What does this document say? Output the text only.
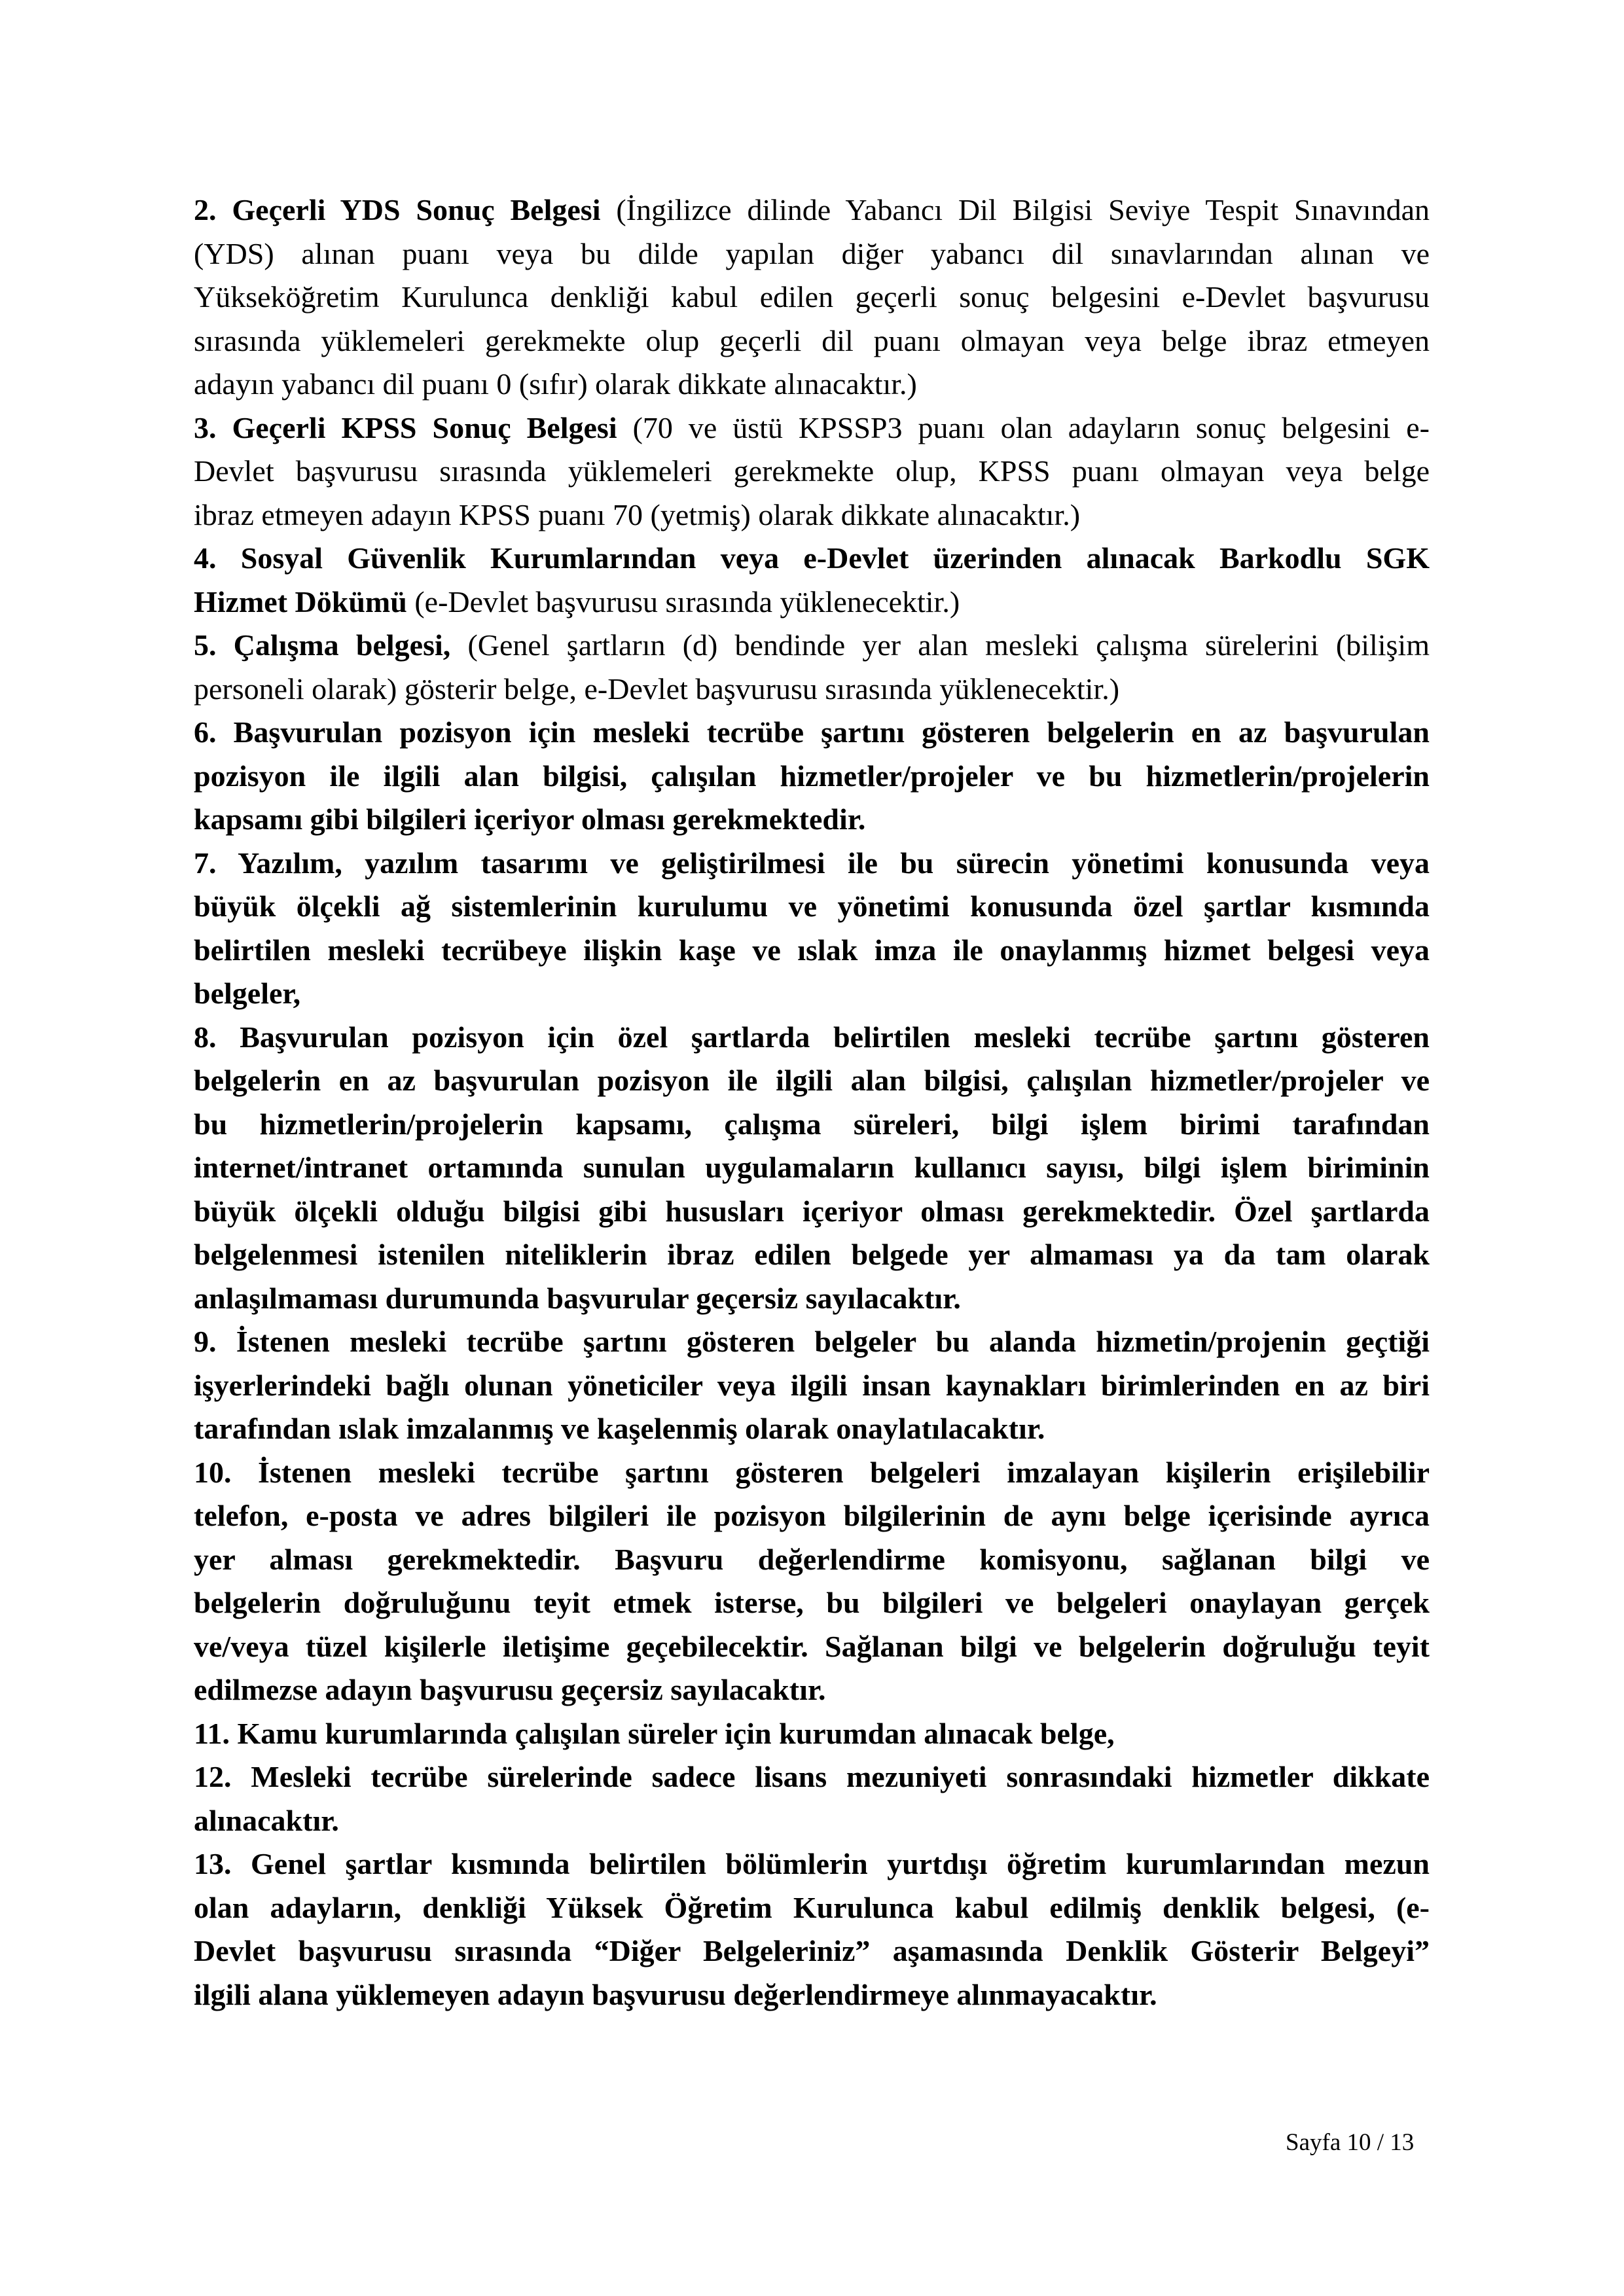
2. Geçerli YDS Sonuç Belgesi (İngilizce dilinde Yabancı Dil Bilgisi Seviye Tespit Sınavından
(YDS) alınan puanı veya bu dilde yapılan diğer yabancı dil sınavlarından alınan ve
Yükseköğretim Kurulunca denkliği kabul edilen geçerli sonuç belgesini e-Devlet başvurusu
sırasında yüklemeleri gerekmekte olup geçerli dil puanı olmayan veya belge ibraz etmeyen
adayın yabancı dil puanı 0 (sıfır) olarak dikkate alınacaktır.)
3. Geçerli KPSS Sonuç Belgesi (70 ve üstü KPSSP3 puanı olan adayların sonuç belgesini e-
Devlet başvurusu sırasında yüklemeleri gerekmekte olup, KPSS puanı olmayan veya belge
ibraz etmeyen adayın KPSS puanı 70 (yetmiş) olarak dikkate alınacaktır.)
4. Sosyal Güvenlik Kurumlarından veya e-Devlet üzerinden alınacak Barkodlu SGK
Hizmet Dökümü (e-Devlet başvurusu sırasında yüklenecektir.)
5. Çalışma belgesi, (Genel şartların (d) bendinde yer alan mesleki çalışma sürelerini (bilişim
personeli olarak) gösterir belge, e-Devlet başvurusu sırasında yüklenecektir.)
6. Başvurulan pozisyon için mesleki tecrübe şartını gösteren belgelerin en az başvurulan
pozisyon ile ilgili alan bilgisi, çalışılan hizmetler/projeler ve bu hizmetlerin/projelerin
kapsamı gibi bilgileri içeriyor olması gerekmektedir.
7. Yazılım, yazılım tasarımı ve geliştirilmesi ile bu sürecin yönetimi konusunda veya
büyük ölçekli ağ sistemlerinin kurulumu ve yönetimi konusunda özel şartlar kısmında
belirtilen mesleki tecrübeye ilişkin kaşe ve ıslak imza ile onaylanmış hizmet belgesi veya
belgeler,
8. Başvurulan pozisyon için özel şartlarda belirtilen mesleki tecrübe şartını gösteren
belgelerin en az başvurulan pozisyon ile ilgili alan bilgisi, çalışılan hizmetler/projeler ve
bu hizmetlerin/projelerin kapsamı, çalışma süreleri, bilgi işlem birimi tarafından
internet/intranet ortamında sunulan uygulamaların kullanıcı sayısı, bilgi işlem biriminin
büyük ölçekli olduğu bilgisi gibi hususları içeriyor olması gerekmektedir. Özel şartlarda
belgelenmesi istenilen niteliklerin ibraz edilen belgede yer almaması ya da tam olarak
anlaşılmaması durumunda başvurular geçersiz sayılacaktır.
9. İstenen mesleki tecrübe şartını gösteren belgeler bu alanda hizmetin/projenin geçtiği
işyerlerindeki bağlı olunan yöneticiler veya ilgili insan kaynakları birimlerinden en az biri
tarafından ıslak imzalanmış ve kaşelenmiş olarak onaylatılacaktır.
10. İstenen mesleki tecrübe şartını gösteren belgeleri imzalayan kişilerin erişilebilir
telefon, e-posta ve adres bilgileri ile pozisyon bilgilerinin de aynı belge içerisinde ayrıca
yer alması gerekmektedir. Başvuru değerlendirme komisyonu, sağlanan bilgi ve
belgelerin doğruluğunu teyit etmek isterse, bu bilgileri ve belgeleri onaylayan gerçek
ve/veya tüzel kişilerle iletişime geçebilecektir. Sağlanan bilgi ve belgelerin doğruluğu teyit
edilmezse adayın başvurusu geçersiz sayılacaktır.
11. Kamu kurumlarında çalışılan süreler için kurumdan alınacak belge,
12. Mesleki tecrübe sürelerinde sadece lisans mezuniyeti sonrasındaki hizmetler dikkate
alınacaktır.
13. Genel şartlar kısmında belirtilen bölümlerin yurtdışı öğretim kurumlarından mezun
olan adayların, denkliği Yüksek Öğretim Kurulunca kabul edilmiş denklik belgesi, (e-
Devlet başvurusu sırasında “Diğer Belgeleriniz” aşamasında Denklik Gösterir Belgeyi”
ilgili alana yüklemeyen adayın başvurusu değerlendirmeye alınmayacaktır.
Sayfa 10 / 13
